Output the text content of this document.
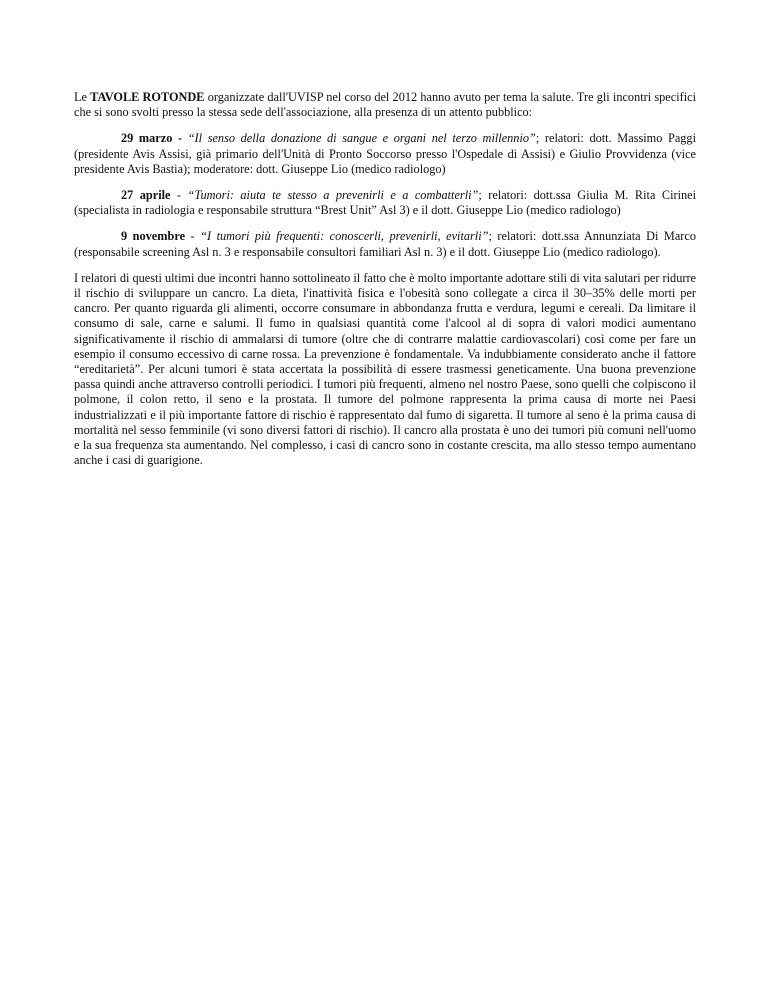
Le TAVOLE ROTONDE organizzate dall'UVISP nel corso del 2012 hanno avuto per tema la salute. Tre gli incontri specifici che si sono svolti presso la stessa sede dell'associazione, alla presenza di un attento pubblico:

29 marzo - “Il senso della donazione di sangue e organi nel terzo millennio”; relatori: dott. Massimo Paggi (presidente Avis Assisi, già primario dell'Unità di Pronto Soccorso presso l'Ospedale di Assisi) e Giulio Provvidenza (vice presidente Avis Bastia); moderatore: dott. Giuseppe Lio (medico radiologo)

27 aprile - “Tumori: aiuta te stesso a prevenirli e a combatterli”; relatori: dott.ssa Giulia M. Rita Cirinei (specialista in radiologia e responsabile struttura “Brest Unit” Asl 3) e il dott. Giuseppe Lio (medico radiologo)

9 novembre - “I tumori più frequenti: conoscerli, prevenirli, evitarli”; relatori: dott.ssa Annunziata Di Marco (responsabile screening Asl n. 3 e responsabile consultori familiari Asl n. 3) e il dott. Giuseppe Lio (medico radiologo).

I relatori di questi ultimi due incontri hanno sottolineato il fatto che è molto importante adottare stili di vita salutari per ridurre il rischio di sviluppare un cancro. La dieta, l'inattività fisica e l'obesità sono collegate a circa il 30–35% delle morti per cancro. Per quanto riguarda gli alimenti, occorre consumare in abbondanza frutta e verdura, legumi e cereali. Da limitare il consumo di sale, carne e salumi. Il fumo in qualsiasi quantità come l'alcool al di sopra di valori modici aumentano significativamente il rischio di ammalarsi di tumore (oltre che di contrarre malattie cardiovascolari) così come per fare un esempio il consumo eccessivo di carne rossa. La prevenzione è fondamentale. Va indubbiamente considerato anche il fattore “ereditarietà”. Per alcuni tumori è stata accertata la possibilità di essere trasmessi geneticamente. Una buona prevenzione passa quindi anche attraverso controlli periodici. I tumori più frequenti, almeno nel nostro Paese, sono quelli che colpiscono il polmone, il colon retto, il seno e la prostata. Il tumore del polmone rappresenta la prima causa di morte nei Paesi industrializzati e il più importante fattore di rischio è rappresentato dal fumo di sigaretta. Il tumore al seno è la prima causa di mortalità nel sesso femminile (vi sono diversi fattori di rischio). Il cancro alla prostata è uno dei tumori più comuni nell'uomo e la sua frequenza sta aumentando. Nel complesso, i casi di cancro sono in costante crescita, ma allo stesso tempo aumentano anche i casi di guarigione.
